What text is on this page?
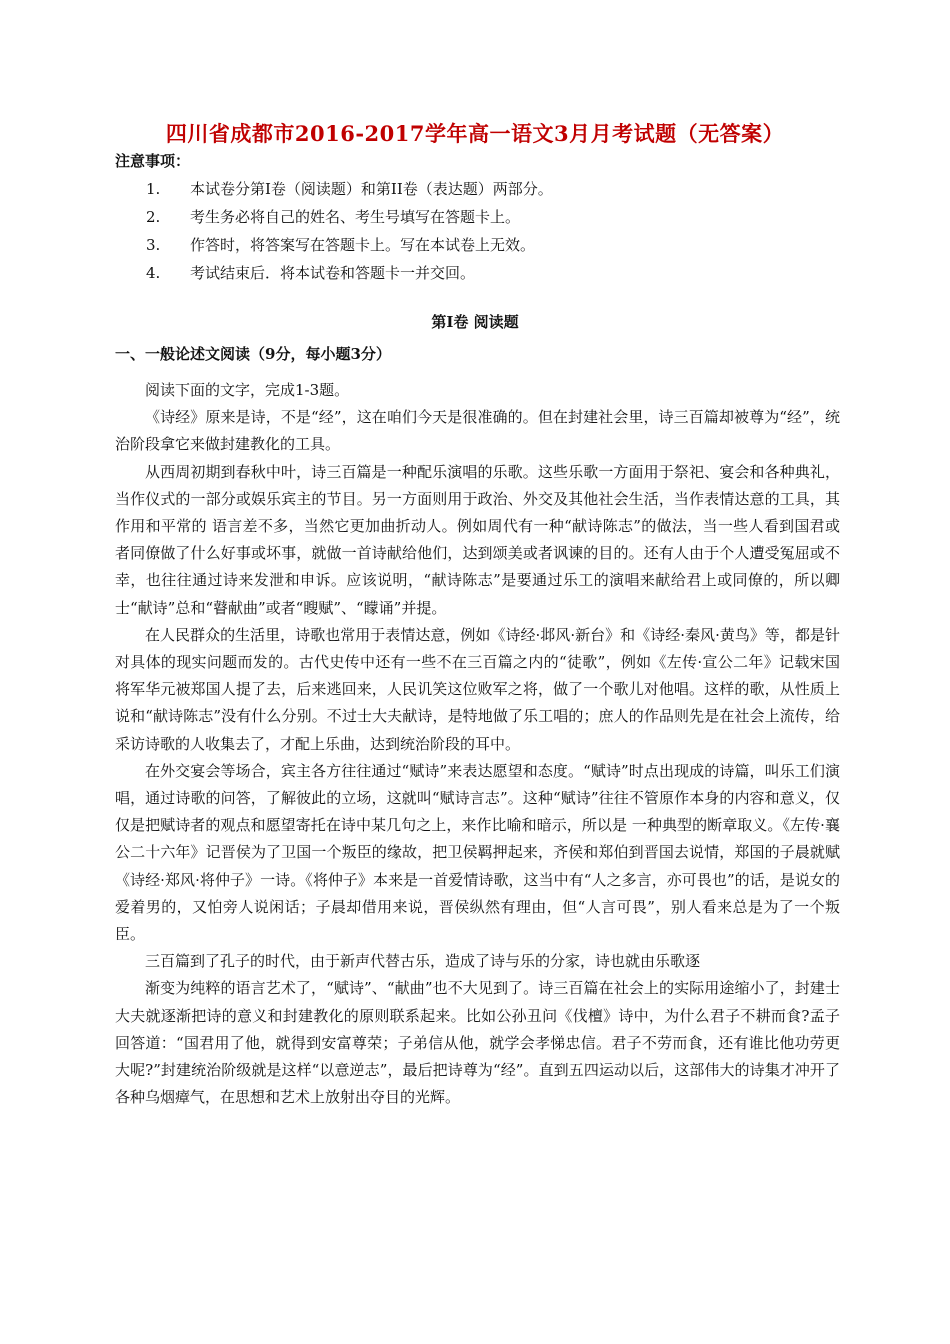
四川省成都市2016-2017学年高一语文3月月考试题（无答案）
注意事项：
1. 本试卷分第Ⅰ卷（阅读题）和第II卷（表达题）两部分。
2. 考生务必将自己的姓名、考生号填写在答题卡上。
3. 作答时，将答案写在答题卡上。写在本试卷上无效。
4. 考试结束后．将本试卷和答题卡一并交回。
第Ⅰ卷 阅读题
一、一般论述文阅读（9分，每小题3分）

阅读下面的文字，完成1-3题。

《诗经》原来是诗，不是“经”，这在咱们今天是很准确的。但在封建社会里，诗三百篇却被尊为“经”，统治阶段拿它来做封建教化的工具。

从西周初期到春秋中叶，诗三百篇是一种配乐演唱的乐歌。这些乐歌一方面用于祭祀、宴会和各种典礼，当作仪式的一部分或娱乐宾主的节目。另一方面则用于政治、外交及其他社会生活，当作表情达意的工具，其作用和平常的 语言差不多，当然它更加曲折动人。例如周代有一种“献诗陈志”的做法，当一些人看到国君或者同僚做了什么好事或坏事，就做一首诗献给他们，达到颂美或者讽谏的目的。还有人由于个人遭受冤屈或不幸，也往往通过诗来发泄和申诉。应该说明，“献诗陈志”是要通过乐工的演唱来献给君上或同僚的，所以卿士“献诗”总和“瞽献曲”或者“瞍赋”、“矇诵”并提。

在人民群众的生活里，诗歌也常用于表情达意，例如《诗经·邶风·新台》和《诗经·秦风·黄鸟》等，都是针对具体的现实问题而发的。古代史传中还有一些不在三百篇之内的“徒歌”，例如《左传·宣公二年》记载宋国将军华元被郑国人提了去，后来逃回来，人民讥笑这位败军之将，做了一个歌儿对他唱。这样的歌，从性质上说和“献诗陈志”没有什么分别。不过士大夫献诗，是特地做了乐工唱的；庶人的作品则先是在社会上流传，给采访诗歌的人收集去了，才配上乐曲，达到统治阶段的耳中。

在外交宴会等场合，宾主各方往往通过“赋诗”来表达愿望和态度。“赋诗”时点出现成的诗篇，叫乐工们演唱，通过诗歌的问答，了解彼此的立场，这就叫“赋诗言志”。这种“赋诗”往往不管原作本身的内容和意义，仅仅是把赋诗者的观点和愿望寄托在诗中某几句之上，来作比喻和暗示，所以是 一种典型的断章取义。《左传·襄公二十六年》记晋侯为了卫国一个叛臣的缘故，把卫侯羁押起来，齐侯和郑伯到晋国去说情，郑国的子晨就赋《诗经·郑风·将仲子》一诗。《将仲子》本来是一首爱情诗歌，这当中有“人之多言，亦可畏也”的话，是说女的爱着男的，又怕旁人说闲话；子晨却借用来说，晋侯纵然有理由，但“人言可畏”，别人看来总是为了一个叛臣。

三百篇到了孔子的时代，由于新声代替古乐，造成了诗与乐的分家，诗也就由乐歌逐

渐变为纯粹的语言艺术了，“赋诗”、“献曲”也不大见到了。诗三百篇在社会上的实际用途缩小了，封建士大夫就逐渐把诗的意义和封建教化的原则联系起来。比如公孙丑问《伐檀》诗中，为什么君子不耕而食?孟子回答道：“国君用了他，就得到安富尊荣；子弟信从他，就学会孝悌忠信。君子不劳而食，还有谁比他功劳更大呢?”封建统治阶级就是这样“以意逆志”，最后把诗尊为“经”。直到五四运动以后，这部伟大的诗集才冲开了各种乌烟瘴气，在思想和艺术上放射出夺目的光辉。
